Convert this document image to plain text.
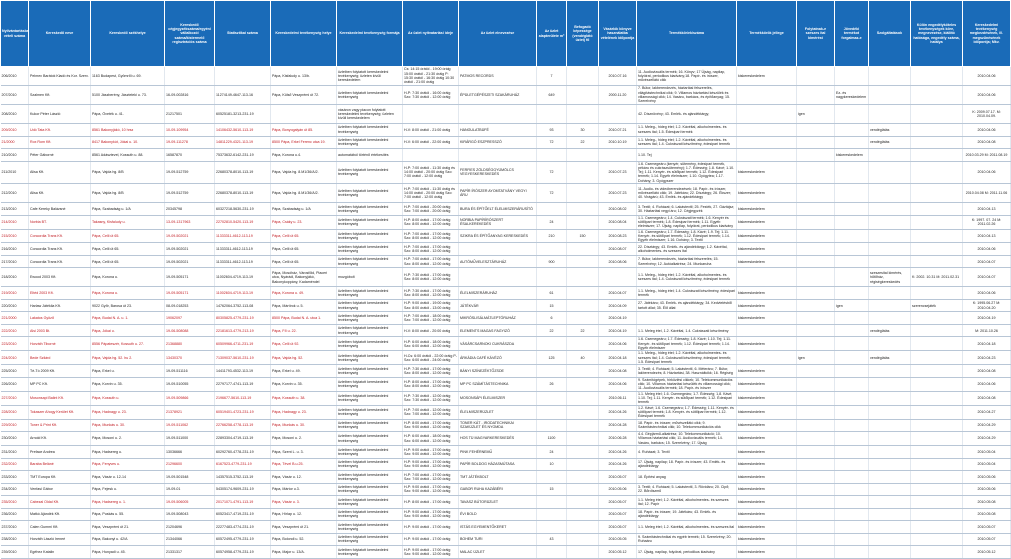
Nyilvántartásba vételi száma	Kereskedő neve	Kereskedő székhelye	Kereskedő cégjegyzékszáma/egyéni vállalkozói száma/kistermelő regisztrációs száma	Statisztikai száma	Kereskedelmi tevékenység helye	Kereskedelmi tevékenység formája	Az üzlet nyitvatartási ideje	Az üzlet elnevezése	Az üzlet alapterülete m²	Befogadó képessége (vendéglátó üzlet) fő	Vásárlók könyve használatba vételének időpontja	Termékkör/ek/száma	Termékkörök jellege	Folytatnak-e szeszes ital kimérést	Jövedéki termékot forgalmaz-e	Szolgáltatások	Külön engedélyköteles tevékenységek köre, megnevezése, kiállító hatósága, engedély száma, hatálya	Kereskedelmi tevékenység megkezdésének, ill. megszűnésének időpontja; Mkv.
206/2010	Pelmex Barátok Kiadó és Kor. Szerv.	1163 Budapest, Gyömrői u. 69.			Pápa, Kisfaludy u. 13/b.	üzletben folytatott kereskedelmi tevékenység; üzleten kívüli kereskedelem	Cs: 14:15 órától - 19:00 óráig 15:00 órától - 21:30 óráig P: 15:30 órától - 16:30 óráig 10:30 órától - 21:00 óráig	PATMOS RECORDS	7		2010.07.16	11. Audiovizuális termék; 16. Könyv; 17 Újság, napilap, folyóirat, periodikus kiadvány;18. Papír- és írószer, művészellátó cikk	kiskereskedelem					2010.04.06
207/2010	Szalmen Kft.	5100 Jászberény, Jászteleki u. 73.	16-09-002816	11274149-4647-113-16	Pápa, Külső Veszprémi út 72.	üzletben folytatott kereskedelmi tevékenység	H-P: 7:30 órától - 16:00 óráig Szo: 7:30 órától - 12:00 óráig	ÉPÜLETGÉPÉSZETI SZAKÁRUHÁZ	649		2000.11.20	7. Bútor, lakberendezés, háztartási felszerelés, világítástechnikai cikk; 9. Villamos háztartási készülék és villamossági cikk; 14. Vasáru, barkács, és építőanyag; 15. Szerelvény			Ez- és nagykereskedelem			2010.04.06
208/2010	Kukor Péter László	Pápa, Öveték u. 41.	21217501	60525181-3213-231-19		vásáron vagy piacon folytatott kereskedelmi tevékenység; üzleten kívüli kereskedelem						42. Dísznövény; 43. Emlék- és ajándéktárgy;		igen				K: 2009.07.17. M: 2010.04.09.
209/2010	Udó Tata Kft.	8561 Bakonyjákó, 10 hrsz	10-09-109954	14106432-5610-113-19	Pápa, Bonyogalyán út 85.	üzletben folytatott kereskedelmi tevékenység	H-V: 8:00 órától - 21:00 óráig	HANGULATBÜFÉ	93	30	2010.07.21	1.1. Meleg-, hideg étel; 1.2. Kávéital, alkoholmentes- és szeszes ital; 1.5. Édesipari termék				vendéglátás		2010.04.06
21/2000	Rox Rom Kft.	8417 Bakonykút, Jókai u. 10.	19-09-111278	14811229-4321-113-19	8500 Pápa, Erkel Ferenc utca 19.	üzletben folytatott kereskedelmi tevékenység	H-V: 6:00 órától - 22:00 óráig	KIRÁRGÓ ESZPRESSZÓ	72	22	2010.10.19	1.1. Meleg-, hideg étel; 1.2. Kávéital, alkoholmentes- és szeszes ital; 1.4. Cukrászati készítmény, édesipari termék				vendéglátás		2010.04.08
210/2010	Péter Gáborné	8561 Adásztevel, Kossuth u. 88.	16587870	75373632-6142-231-19	Pápa, Korona u.4.	automatából történő értékesítés						1.10. Tej			kiskereskedelem			2010.03.29 M: 2011.08.19
211/2010	Alisa Kft.	Pápa, Vajda hg. 8/B	19-09-512759	22680378-8010-113-19	Pápa, Vajda hg. 8.M1/36/A/2.	üzletben folytatott kereskedelmi tevékenység	H-P: 7:00 órától - 11:30 óráig és 14:00 órától - 20:00 óráig Szo: 7:00 órától - 12:00 óráig	FERFIES ZÖLDSÉGGYÜMÖLCS VEGYESKERESKEDÉS	72		2010.07.23	1.6. Csemegeáru (kenyér, sütemény, édesipari termék, pékáru és cukrászsütemény); 1.7. Édesség; 1.8. Kávé; 1.10. Tej; 1.11. Kenyér- és sütőipari termék; 1.12. Édesipari termék; 1.14. Egyéb élelmiszer; 1.10. Gyógytea; 1.17. Dohány; 3. Gyógyszer	kiskereskedelem					2010.04.06
212/2010	Alisa Kft.	Pápa, Vajda hg. 8/B	19-09-512759	22680378-8010-113-19	Pápa, Vajda hg. 8.M1/36/A/2.	üzletben folytatott kereskedelmi tevékenység	H-P: 7:00 órától - 11:30 óráig és 14:00 órától - 20:00 óráig Szo: 7:00 órától - 12:00 óráig	PAPÍR ÍRÓSZER AYOMTATVÁNY VEGYI ÁRU	72		2010.07.23	11. Audio- és videóberendezések; 18. Papír- és írószer, művészellátó cikk; 19. Játékáru; 22. Dísztárgy; 26. Ékszer; 40. Virágárú; 43. Emlék- és ajándéktárgy	kiskereskedelem					2010.04.08 M: 2011.11.06
213/2010	Cafe Kereky Balázsné	Pápa, Szabadság u. 1/A	20345798	60327218-5630-231-19	Pápa, Szabadság u. 1/A	üzletben folytatott kereskedelmi tevékenység	H-P: 7:00 órától - 20:00 óráig Szo: 7:00 órától - 20:00 óráig	BURA ÉS ÉPÍTŐELT ÉLELMISZERÁRUSÍTÓ			2010.08.02	3. Textil; 4. Ruházat; 6. Lakástextil; 25. Festék, 27. Gáztájsz; 30. Háztartási vegyi áru; 12. Cégjegyzék	kiskereskedelem					2010.04.13
214/2010	Norbia BT.	Takasny, Kisfaludy u.	13-09-1317963	22702810-5420-113-19	Pápa, Csáky u. 23.	üzletben folytatott kereskedelmi tevékenység	H-P: 8:00 órától - 17:00 óráig Szo: 8:00 órától - 12:00 óráig	NORBIA PAPÍRÍRÓSZERT ÉSALKEREKEDÉS	24		2010.08.04	1.1. Csemegeáru; 1.4. Cukrászati termék; 1.6. Kenyér és sütőipari termék; 1.8. Édesipari termék; 1.11. Egyéb élelmiszer; 17. Újság, napilap, folyóirat, periodikus kiadvány	kiskereskedelem					K: 1997. 07. 24 M: 2011.02.26
215/2010	Concordia Trans Kft.	Pápa, Celli út 65.	19-09-502021	11333311-4612-113-19	Pápa, Celli út 65.	üzletben folytatott kereskedelmi tevékenység	H-P: 7:00 órától - 17:00 óráig Szo: 8:00 órától - 12:00 óráig	SZIKRA ÉS ÉPÍTŐANYAG KERESKEDÉS	210	150	2010.08.23	1.6. Csemegeáru; 1.7. Édesség; 1.8. Kávé; 1.9. Tej; 1.11. Kenyér- és sütőipari termék; 1.12. Édesipari termék; 1.14. Egyéb élelmiszer; 1.16. Dohány; 3. Textil	kiskereskedelem					2010.04.13
216/2010	Concordia Trans Kft.	Pápa, Celli út 65.	19-09-502021	11333311-4612-113-19	Pápa, Celli út 65.	üzletben folytatott kereskedelmi tevékenység	H-P: 7:00 órától - 17:00 óráig Szo: 8:00 órától - 12:00 óráig				2010.08.07	22. Dísztárgy; 43. Emlék- és ajándéktárgy; 1.2. Kávéital, alkoholmentes- és szeszes ital	kiskereskedelem					2010.04.06
217/2010	Concordia Trans Kft.	Pápa, Celli út 65.	19-09-502021	11333311-4612-113-19	Pápa, Celli út 65.	üzletben folytatott kereskedelmi tevékenység	H-P: 7:00 órától - 17:00 óráig Szo: 8:00 órától - 12:00 óráig	AUTÓMŰVELESZTÁRUHÁZ	900		2010.08.06	7. Bútor, lakberendezés, háztartási felszerelés; 15. Szerelvény; 12. Autóalkatrész; 24. Munkaruha	kiskereskedelem					2010.04.07
218/2010	Ewood 2003 Kft.	Pápa, Korona u.	19-09-505171	11002604-4719-113-19	Pápa, Mosóház, Városföld, Piaceri utca, Nyárádi, Bakonyjákó, Bakonykoppány, Kadaméndel	mozgóbolt	H-P: 7:30 órától - 17:00 óráig Szo: 8:00 órától - 12:00 óráig					1.1. Meleg-, hideg étel; 1.2. Kávéital, alkoholmentes- és szeszes ital; 1.4. Cukrászati készítmény, édesipari termék				szeszesital kimérés, hűtőház, régiségkereskedés	K: 2002. 10.31 M: 2011.02.31	2010.04.07
219/2010	Eltéd 2003 Kft.	Pápa, Korona u.	19-09-505171	11002604-4719-113-19	Pápa, Korona u. 49.	üzletben folytatott kereskedelmi tevékenység	H-P: 7:30 órától - 17:00 óráig Szo: 8:00 órától - 12:00 óráig	ÉLELMISZERÁRUHÁZ	61		2010.04.07	1.1. Meleg-, hideg étel; 1.4. Cukrászati készítmény, édesipari termék	kiskereskedelem					2010.04.06
220/2010	Harlaw Játéklia Kft.	9022 Győr, Barosa út 23.	08-09-018253	14762064-3752-113-08	Pápa, Mártírok u. 5.	üzletben folytatott kereskedelmi tevékenység	H-P: 9:00 órától - 19:00 óráig Szo: 8:00 órától - 13:00 óráig	JÁTÉKVÁR	15		2010.04.09	27. Játékáru; 43. Emlék- és ajándéktárgy; 34. Kedvtelésből tartott állat; 35. Élő állat	kiskereskedelem		igen		szerencsejáték	K: 1995.06.27 M: 2010.04.20
221/2000	Lakatos Gyöző	Pápa, Budai N. A. u. 1.	19062097	80305825-4779-231-19	8500 Pápa, Budai N. A. utca 1.	üzletben folytatott kereskedelmi tevékenység	H-P: 7:00 órától - 18:00 óráig Szo: 7:00 órától - 12:00 óráig	MIKRÓSLISÁLMÁTLEPTÓRUHÁZ	6		2010.04.19		kiskereskedelem					2010.04.19
222/2010	Alsi 2003 Bt.	Pápa, Jókai u.	19-06-508088	22181613-4779-213-19	Pápa, Fő u. 22.	üzletben folytatott kereskedelmi tevékenység	H-V: 8:00 órától - 20:00 óráig	ELEMENTS MAGAS FAGYIZÓ	22	22	2010.04.19	1.1. Meleg étel, 1.2. Kávéital, 1.4. Cukrászati készítmény				vendéglátás		M: 2011.10.26
223/2010	Horváth Tiborné	8556 Pápateszér, Kossuth u. 27.	21368880	60509966-4711-231-19	Pápa, Celli út 92.	üzletben folytatott kereskedelmi tevékenység	H-P: 6:00 órától - 18:00 óráig Szo: 6:00 órától - 12:00 óráig	VÁSÁRCSARNOKI CUKRÁSZDA			2010.04.06	1.6. Csemegeáru; 1.7. Édesség; 1.8. Kávé; 1.10. Tej; 1.11. Kenyér- és sütőipari termék; 1.12. Édesipari termék; 1.14. Egyéb élelmiszer	kiskereskedelem					2010.04.18
224/2010	Bede Szilárd	Pápa, Vajda hg. 52. hu 2.	13430370	71309037-5610-231-19	Pápa, Vajda hg. 52.	üzletben folytatott kereskedelmi tevékenység	H-Cs: 6:00 órától - 22:00 óráig P-Szo: 6:00 órától - 24:00 óráig	ÁRKÁDIA CAFÉ KÁVÉZÓ	125	40	2010.04.18	1.1. Meleg-, hideg étel; 1.2. Kávéital, alkoholmentes- és szeszes ital; 1.4. Cukrászati készítmény, édesipari termék; 1.5. Édesipari termék		igen		vendéglátás		2010.04.23
225/2010	Té-Tó 2009 Kft.	Pápa, Erkel u.	19-09-511116	14411793-4532-113-19	Pápa, Erkel u. 49.	üzletben folytatott kereskedelmi tevékenység	H-P: 7:30 órától - 17:00 óráig Szo: 8:00 órától - 12:00 óráig	BÁNYI SZÍNEZÉKTŐZSDE			2010.04.08	3. Textil; 4. Ruházat; 5. Lakástextil, 6. Méteráru; 7. Bútor, lakberendezés; 8. Háztartási, 38. Használtcikk; 16. Régiség	kiskereskedelem					2010.04.08
226/2010	MP PC Kft.	Pápa, Korvin u. 35.	19-09-510055	22797177-4741-113-19	Pápa, Korvin u. 35.	üzletben folytatott kereskedelmi tevékenység	H-P: 8:00 órától - 17:00 óráig Szo: 8:00 órától - 12:00 óráig	MP PC SZÁMÍTÁSTECHNIKA	26		2010.04.06	9. Számítógépek, hírközlési cikkek; 10. Telekommunikációs cikk; 10. Villamos háztartási készülék és villamossági cikk; 11. Audiovizuális termék; 18. Papír- és írószer	kiskereskedelem					2010.04.06
227/2010	Mosonsapi Balint Kft.	Pápa, Kossuth u.	19-09-509866	2196677-5610-113-19	Pápa, Kossuth u. 38.	üzletben folytatott kereskedelmi tevékenység	H-P: 7:30 órától - 12:00 óráig Szo: 7:30 órától - 12:00 óráig	MOSONSÁPI ÉLELMISZER			2010.06.11	1.1. Meleg étel; 1.6. Csemegeáru; 1.7. Édesség; 1.8. Kávé; 1.10. Tej; 1.11. Kenyér- és sütőipari termék; 1.12. Édesipari termék	kiskereskedelem					2010.04.08
228/2010	Tokaszer Ahogy Kerület Kft.	Pápa, Hadnagy u. 23.	21378921	60519401-4723-231-19	Pápa, Hadnagy u. 23.	üzletben folytatott kereskedelmi tevékenység	H-P: 7:00 órától - 12:00 óráig Szo: 7:00 órától - 12:00 óráig	ÉLELMISZERÜZLET			2010.04.26	1.2. Kávé; 1.6. Csemegeáru; 1.7. Édesség; 1.11. Kenyér- és sütőipari termék; 1.8. Kenyér- és sütőipari termék; 1.12. Édesipari termék	kiskereskedelem					2010.04.27
229/2010	Toner & Print Kft.	Pápa, Munkás u. 30.	19-09-511062	22766258-4778-113-19	Pápa, Munkás u. 30.	üzletben folytatott kereskedelmi tevékenység	H-P: 8:00 órától - 17:00 óráig Szo: 9:00 órától - 12:00 óráig	TONER KÁT - IRODATECHNIKAI SZAKÜZLET ÉS NYOMDA			2010.04.28	18. Papír- és írószer, művészellátó cikk; 9. Számítástechnikai cikk; 10. Telekommunikációs cikk	kiskereskedelem					2010.04.29
230/2010	Arnold Kft.	Pápa, Mosoni u. 2.	19-09-511000	22893304-4719-113-19	Pápa, Mosoni u. 2.	üzletben folytatott kereskedelmi tevékenység	H-P: 6:00 órától - 18:00 óráig Szo: 6:00 órától - 12:00 óráig	HOS TÜ MAGYARKERESKEDÉS	1100		2010.06.28	4.4. Gépjármű-alkatrész; 10. Telekommunikáció; 10. Villamos háztartási cikk; 11. Audiovizuális termék; 14. Vasáru, barkács; 15. Szerelvény; 17. Újság	kiskereskedelem					2010.04.29
231/2010	Preface Andrea	Pápa, Hadsereg u.	13036666	60292760-4778-231-19	Pápa, Szent L. u. 3.	üzletben folytatott kereskedelmi tevékenység	H-P: 9:00 órától - 17:00 óráig Szo: 9:00 órától - 12:00 óráig	PINK FEHÉRNEMŰ	24		2010.04.26	4. Ruházat; 3. Textil	kiskereskedelem					2010.05.04
232/2010	Baraba Beláné	Pápa, Fenyves u.	21296600	6167523-4779-231-19	Pápa, Tével B.u.25.	üzletben folytatott kereskedelmi tevékenység	H-P: 9:00 órától - 17:00 óráig Szo: 9:00 órától - 12:00 óráig	PAPÍR BOLDOG HÁZASMÚTASA	10		2010.04.26	17. Újság, napilap; 18. Papír- és írószer; 43. Emlék- és ajándéktárgy	kiskereskedelem					2010.05.04
233/2010	TMT Europa Kft.	Pápa, Vásár u. 12-14	19-09-501548	14357515-3752-113-19	Pápa, Vásár u. 12.	üzletben folytatott kereskedelmi tevékenység	H-P: 7:00 órától - 17:00 óráig Szo: 7:00 órától - 12:00 óráig	TMT JÁTÉKBOLT			2010.05.07	18. Építési anyag	kiskereskedelem					2010.05.06
234/2010	Venfasi Gábor	Pápa, Fejesk u.	19-09-01	54305174-9609-231-19	Pápa, Mártor u.3.	üzletben folytatott kereskedelmi tevékenység	H-P: 9:00 órától - 17:00 óráig Szo: 9:00 órától - 12:00 óráig	GABOR RUHA KAZÁBÉRI	15		2010.05.06	3. Textil; 4. Ruházat; 5. Lakástextil, 3. Rövidáru; 20. Cipő; 22. Bőrdíszmű	kiskereskedelem					2010.05.06
235/2010	Cabezal Oldal Kft.	Pápa, Hadsereg u. 1.	19-09-506005	20171071-4791-113-19	Pápa, Vásár u. 3.	üzletben folytatott kereskedelmi tevékenység	H-P: 8:00 órától - 17:00 óráig	TAVASZ BÚTORÜZLET			2010.05.07	1.1. Meleg étel; 1.2. Kávéital, alkoholmentes- és szeszes ital; 12. Papír	kiskereskedelem					2010.05.08
236/2010	Matkó Ajándék Kft.	Pápa, Puskás u. 55.	19-09-508043	60523417-4719-231-19	Pápa, Hírlap u. 12.	üzletben folytatott kereskedelmi tevékenység	H-P: 9:00 órától - 17:00 óráig Szo: 9:00 órától - 12:00 óráig	ÉVI BOLD			2010.05.07	18. Papír- és írószer, 19. Játékáru; 43. Emlék- és ajándéktárgy	kiskereskedelem					2010.05.08
237/2010	Calen Gummi Kft.	Pápa, Veszprémi út 21.	21204696	22277483-4774-231-19	Pápa, Veszprémi út 21.	üzletben folytatott kereskedelmi tevékenység	H-P: 9:00 órától - 17:00 óráig	ISTÁS EGYEMENTŐKERET			2010.05.07	1.1. Meleg étel; 1.2. Kávéital, alkoholmentes- és szeszes ital	kiskereskedelem					2010.05.07
238/2010	Horváth László Ireneé	Pápa, Bakonyi u. 42/A	21344066	60572495-4779-231-19	Pápa, Bolondi u. 52.	üzletben folytatott kereskedelmi tevékenység	H-P: 9:00 órától - 17:00 óráig	BOHEM TURI	43		2010.05.05	9. Számítástechnikai és egyéb termék; 15. Szerelvény; 20. Ruhaáru	kiskereskedelem					2010.05.07
239/2010	Egéhez Katalin	Pápa, Hunyadi u. 45.	21331317	60574958-4779-231-19	Pápa, Major u. 13/A.	üzletben folytatott kereskedelmi tevékenység	H-P: 9:00 órától - 17:00 óráig Szo: 9:00 órától - 12:00 óráig	MALAC ÜZLET			2010.05.12	17. Újság, napilap, folyóirat, periodikus kiadvány	kiskereskedelem					2010.05.12
